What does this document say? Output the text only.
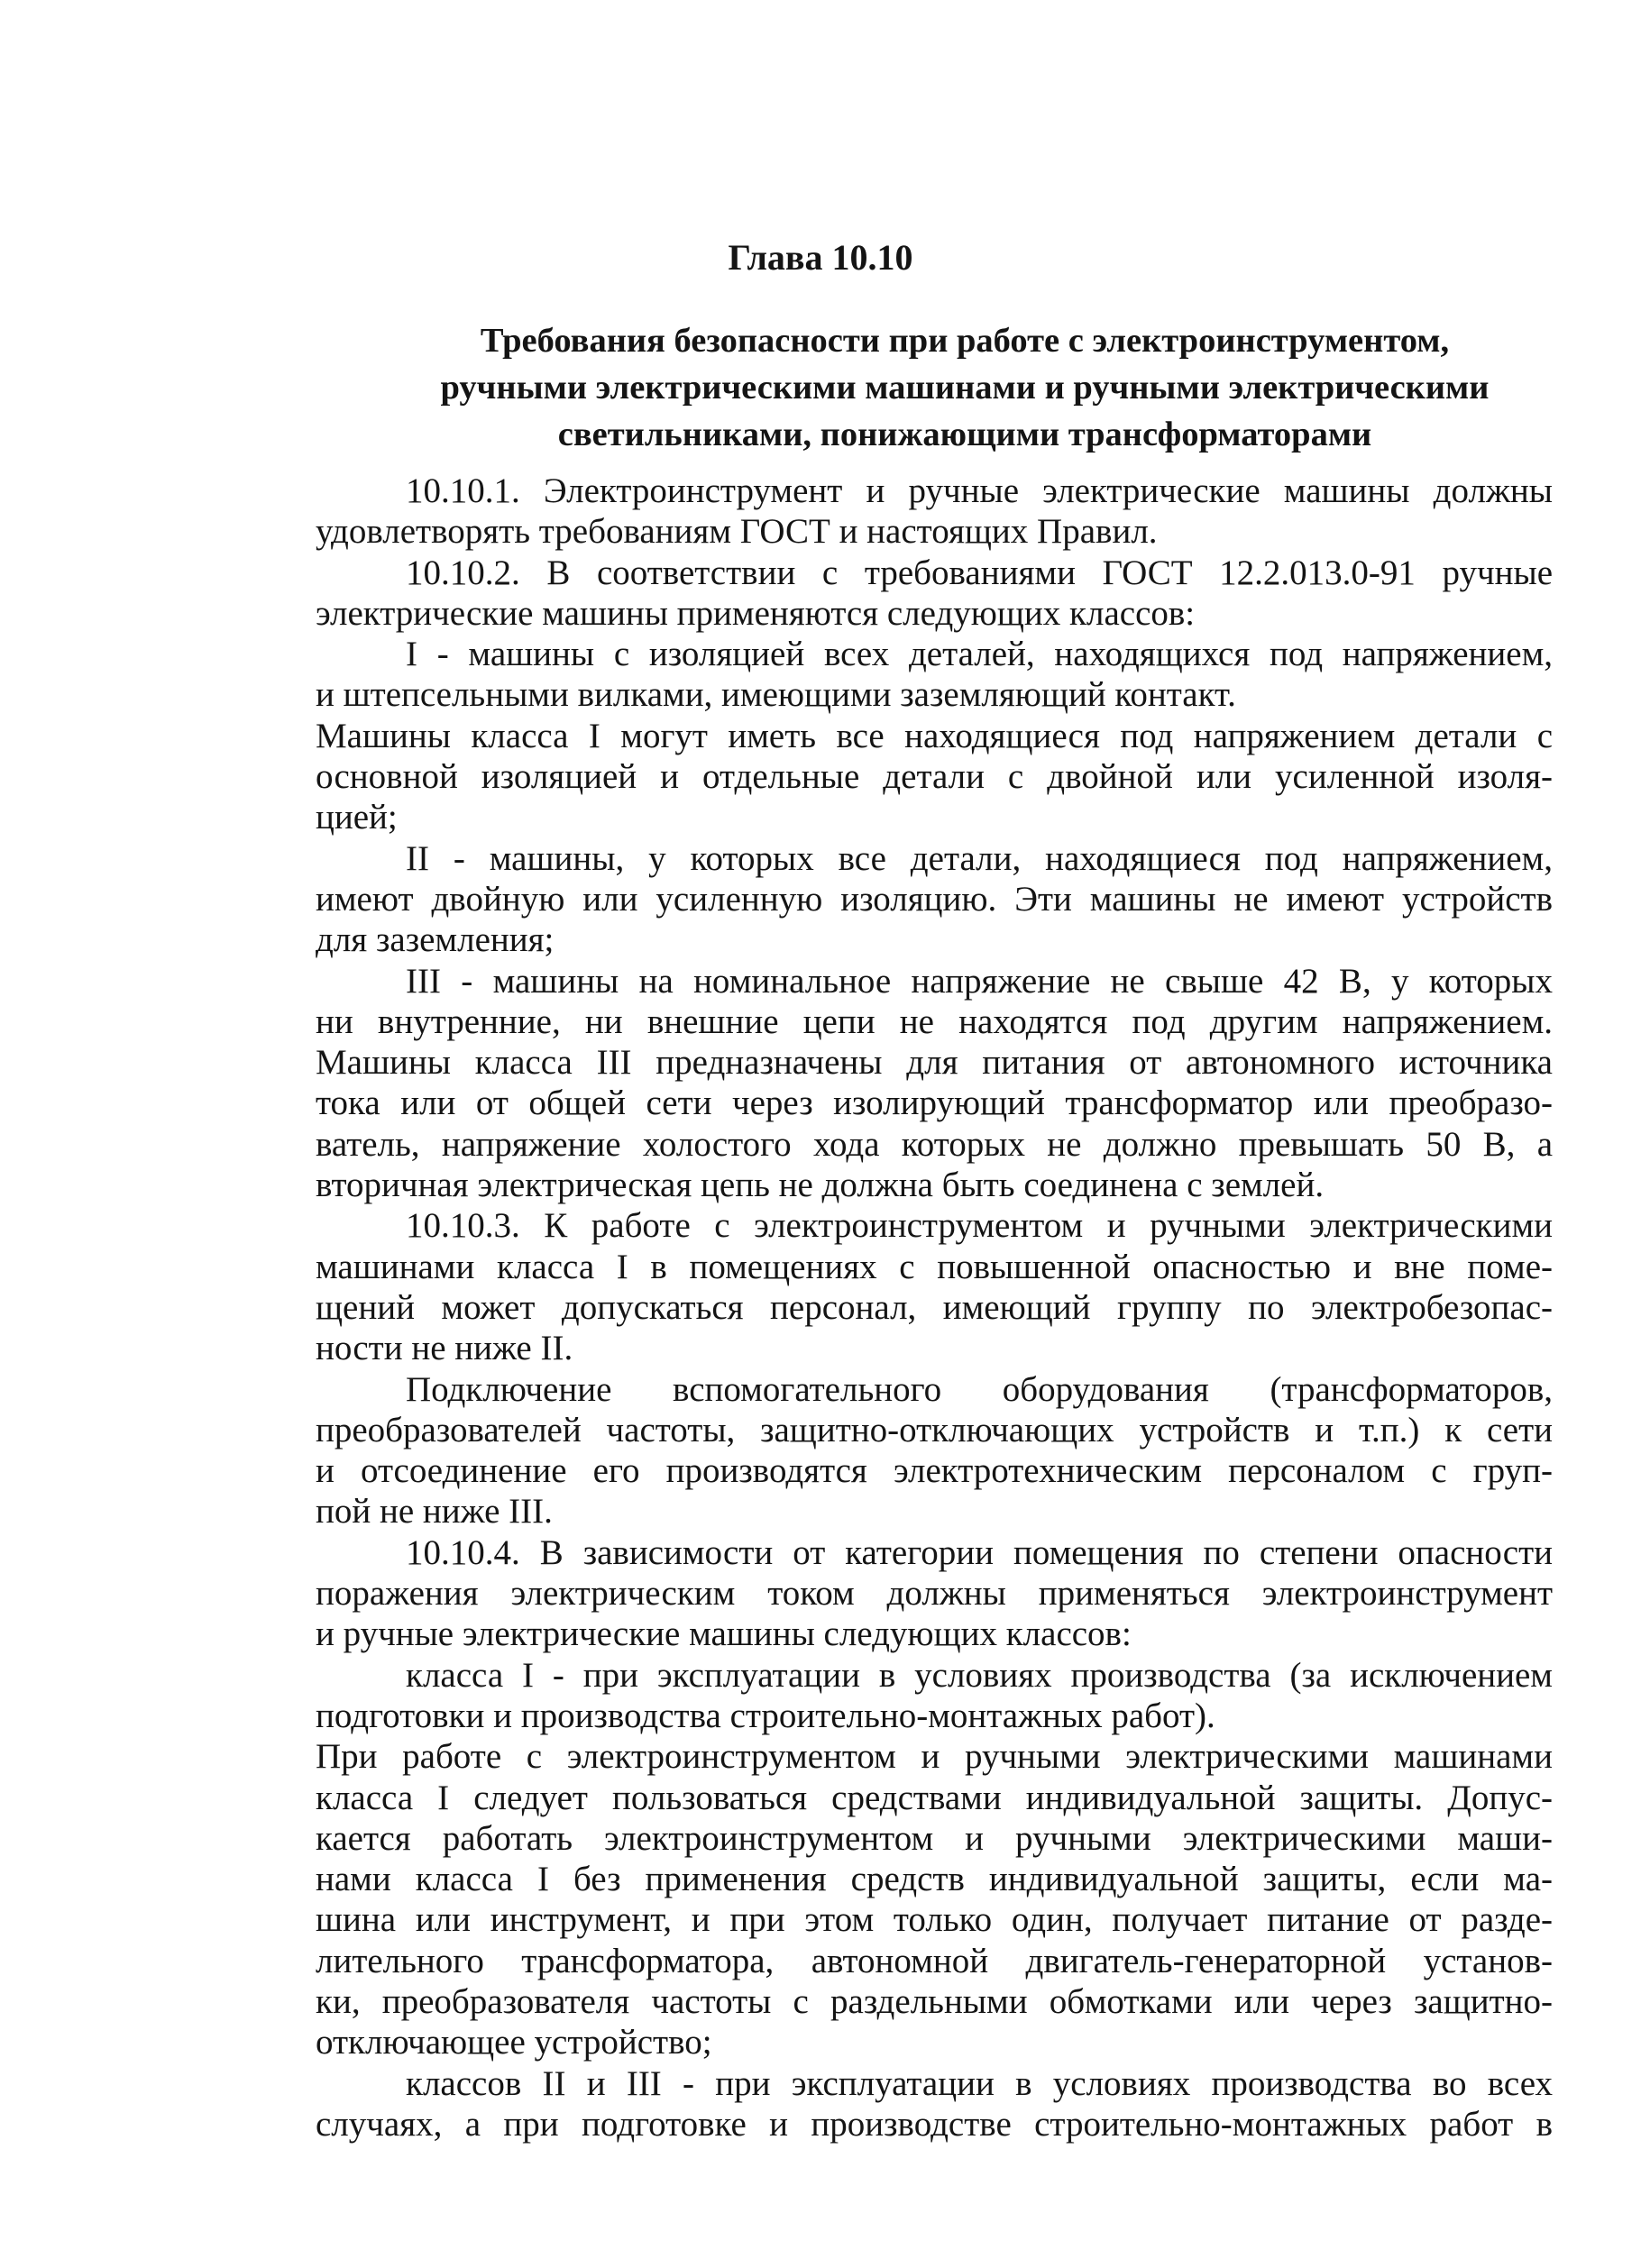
Глава 10.10
Требования безопасности при работе с электроинструментом,
ручными электрическими машинами и ручными электрическими
светильниками, понижающими трансформаторами
10.10.1. Электроинструмент и ручные электрические машины должны
удовлетворять требованиям ГОСТ и настоящих Правил.
10.10.2. В соответствии с требованиями ГОСТ 12.2.013.0-91 ручные
электрические машины применяются следующих классов:
I - машины с изоляцией всех деталей, находящихся под напряжением,
и штепсельными вилками, имеющими заземляющий контакт.
Машины класса I могут иметь все находящиеся под напряжением детали с
основной изоляцией и отдельные детали с двойной или усиленной изоля-
цией;
II - машины, у которых все детали, находящиеся под напряжением,
имеют двойную или усиленную изоляцию. Эти машины не имеют устройств
для заземления;
III - машины на номинальное напряжение не свыше 42 В, у которых
ни внутренние, ни внешние цепи не находятся под другим напряжением.
Машины класса III предназначены для питания от автономного источника
тока или от общей сети через изолирующий трансформатор или преобразо-
ватель, напряжение холостого хода которых не должно превышать 50 В, а
вторичная электрическая цепь не должна быть соединена с землей.
10.10.3. К работе с электроинструментом и ручными электрическими
машинами класса I в помещениях с повышенной опасностью и вне поме-
щений может допускаться персонал, имеющий группу по электробезопас-
ности не ниже II.
Подключение вспомогательного оборудования (трансформаторов,
преобразователей частоты, защитно-отключающих устройств и т.п.) к сети
и отсоединение его производятся электротехническим персоналом с груп-
пой не ниже III.
10.10.4. В зависимости от категории помещения по степени опасности
поражения электрическим током должны применяться электроинструмент
и ручные электрические машины следующих классов:
класса I - при эксплуатации в условиях производства (за исключением
подготовки и производства строительно-монтажных работ).
При работе с электроинструментом и ручными электрическими машинами
класса I следует пользоваться средствами индивидуальной защиты. Допус-
кается работать электроинструментом и ручными электрическими маши-
нами класса I без применения средств индивидуальной защиты, если ма-
шина или инструмент, и при этом только один, получает питание от разде-
лительного трансформатора, автономной двигатель-генераторной установ-
ки, преобразователя частоты с раздельными обмотками или через защитно-
отключающее устройство;
классов II и III - при эксплуатации в условиях производства во всех
случаях, а при подготовке и производстве строительно-монтажных работ в
